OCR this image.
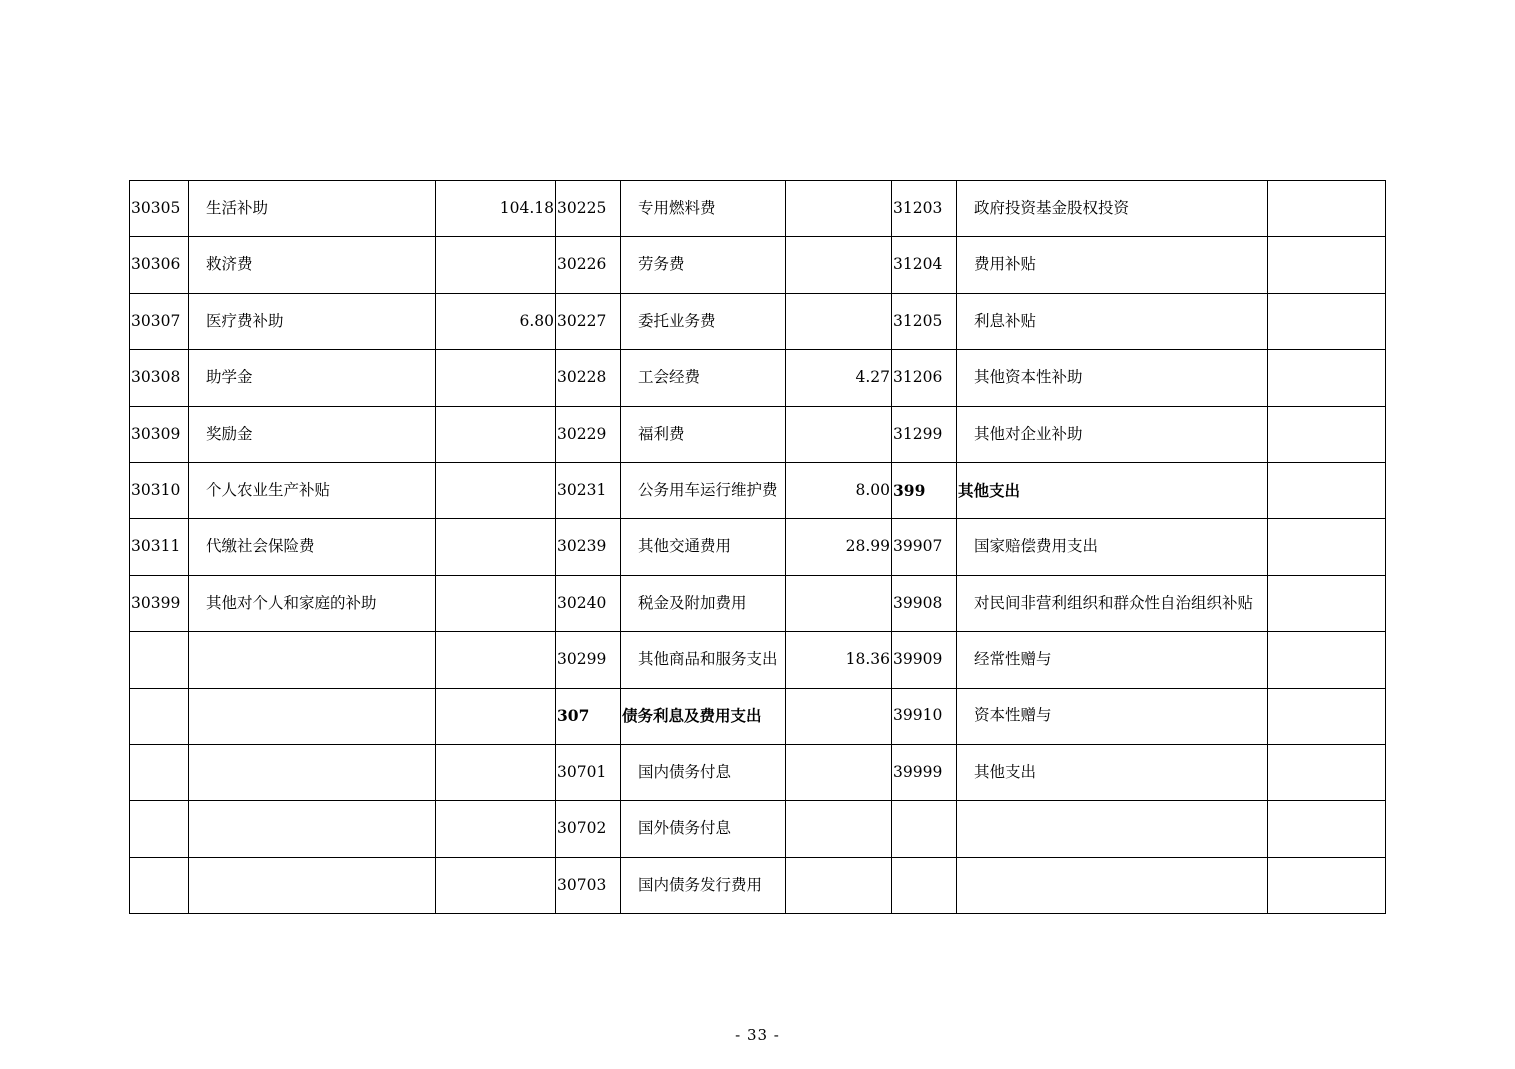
30305	生活补助	104.18	30225	专用燃料费		31203	政府投资基金股权投资	
30306	救济费		30226	劳务费		31204	费用补贴	
30307	医疗费补助	6.80	30227	委托业务费		31205	利息补贴	
30308	助学金		30228	工会经费	4.27	31206	其他资本性补助	
30309	奖励金		30229	福利费		31299	其他对企业补助	
30310	个人农业生产补贴		30231	公务用车运行维护费	8.00	399	其他支出	
30311	代缴社会保险费		30239	其他交通费用	28.99	39907	国家赔偿费用支出	
30399	其他对个人和家庭的补助		30240	税金及附加费用		39908	对民间非营利组织和群众性自治组织补贴	
			30299	其他商品和服务支出	18.36	39909	经常性赠与	
			307	债务利息及费用支出		39910	资本性赠与	
			30701	国内债务付息		39999	其他支出	
			30702	国外债务付息				
			30703	国内债务发行费用				
- 33 -
